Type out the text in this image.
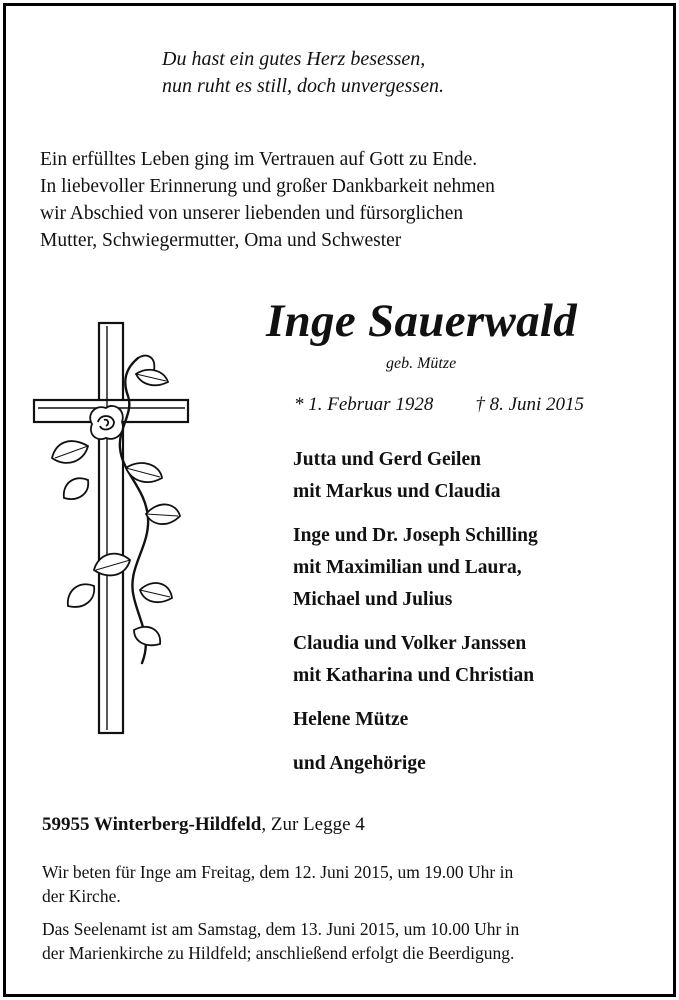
Du hast ein gutes Herz besessen,
nun ruht es still, doch unvergessen.
Ein erfülltes Leben ging im Vertrauen auf Gott zu Ende.
In liebevoller Erinnerung und großer Dankbarkeit nehmen
wir Abschied von unserer liebenden und fürsorglichen
Mutter, Schwiegermutter, Oma und Schwester
Inge Sauerwald
geb. Mütze
* 1. Februar 1928 † 8. Juni 2015
Jutta und Gerd Geilen
mit Markus und Claudia
Inge und Dr. Joseph Schilling
mit Maximilian und Laura,
Michael und Julius
Claudia und Volker Janssen
mit Katharina und Christian
Helene Mütze
und Angehörige
59955 Winterberg-Hildfeld, Zur Legge 4
Wir beten für Inge am Freitag, dem 12. Juni 2015, um 19.00 Uhr in
der Kirche.
Das Seelenamt ist am Samstag, dem 13. Juni 2015, um 10.00 Uhr in
der Marienkirche zu Hildfeld; anschließend erfolgt die Beerdigung.
